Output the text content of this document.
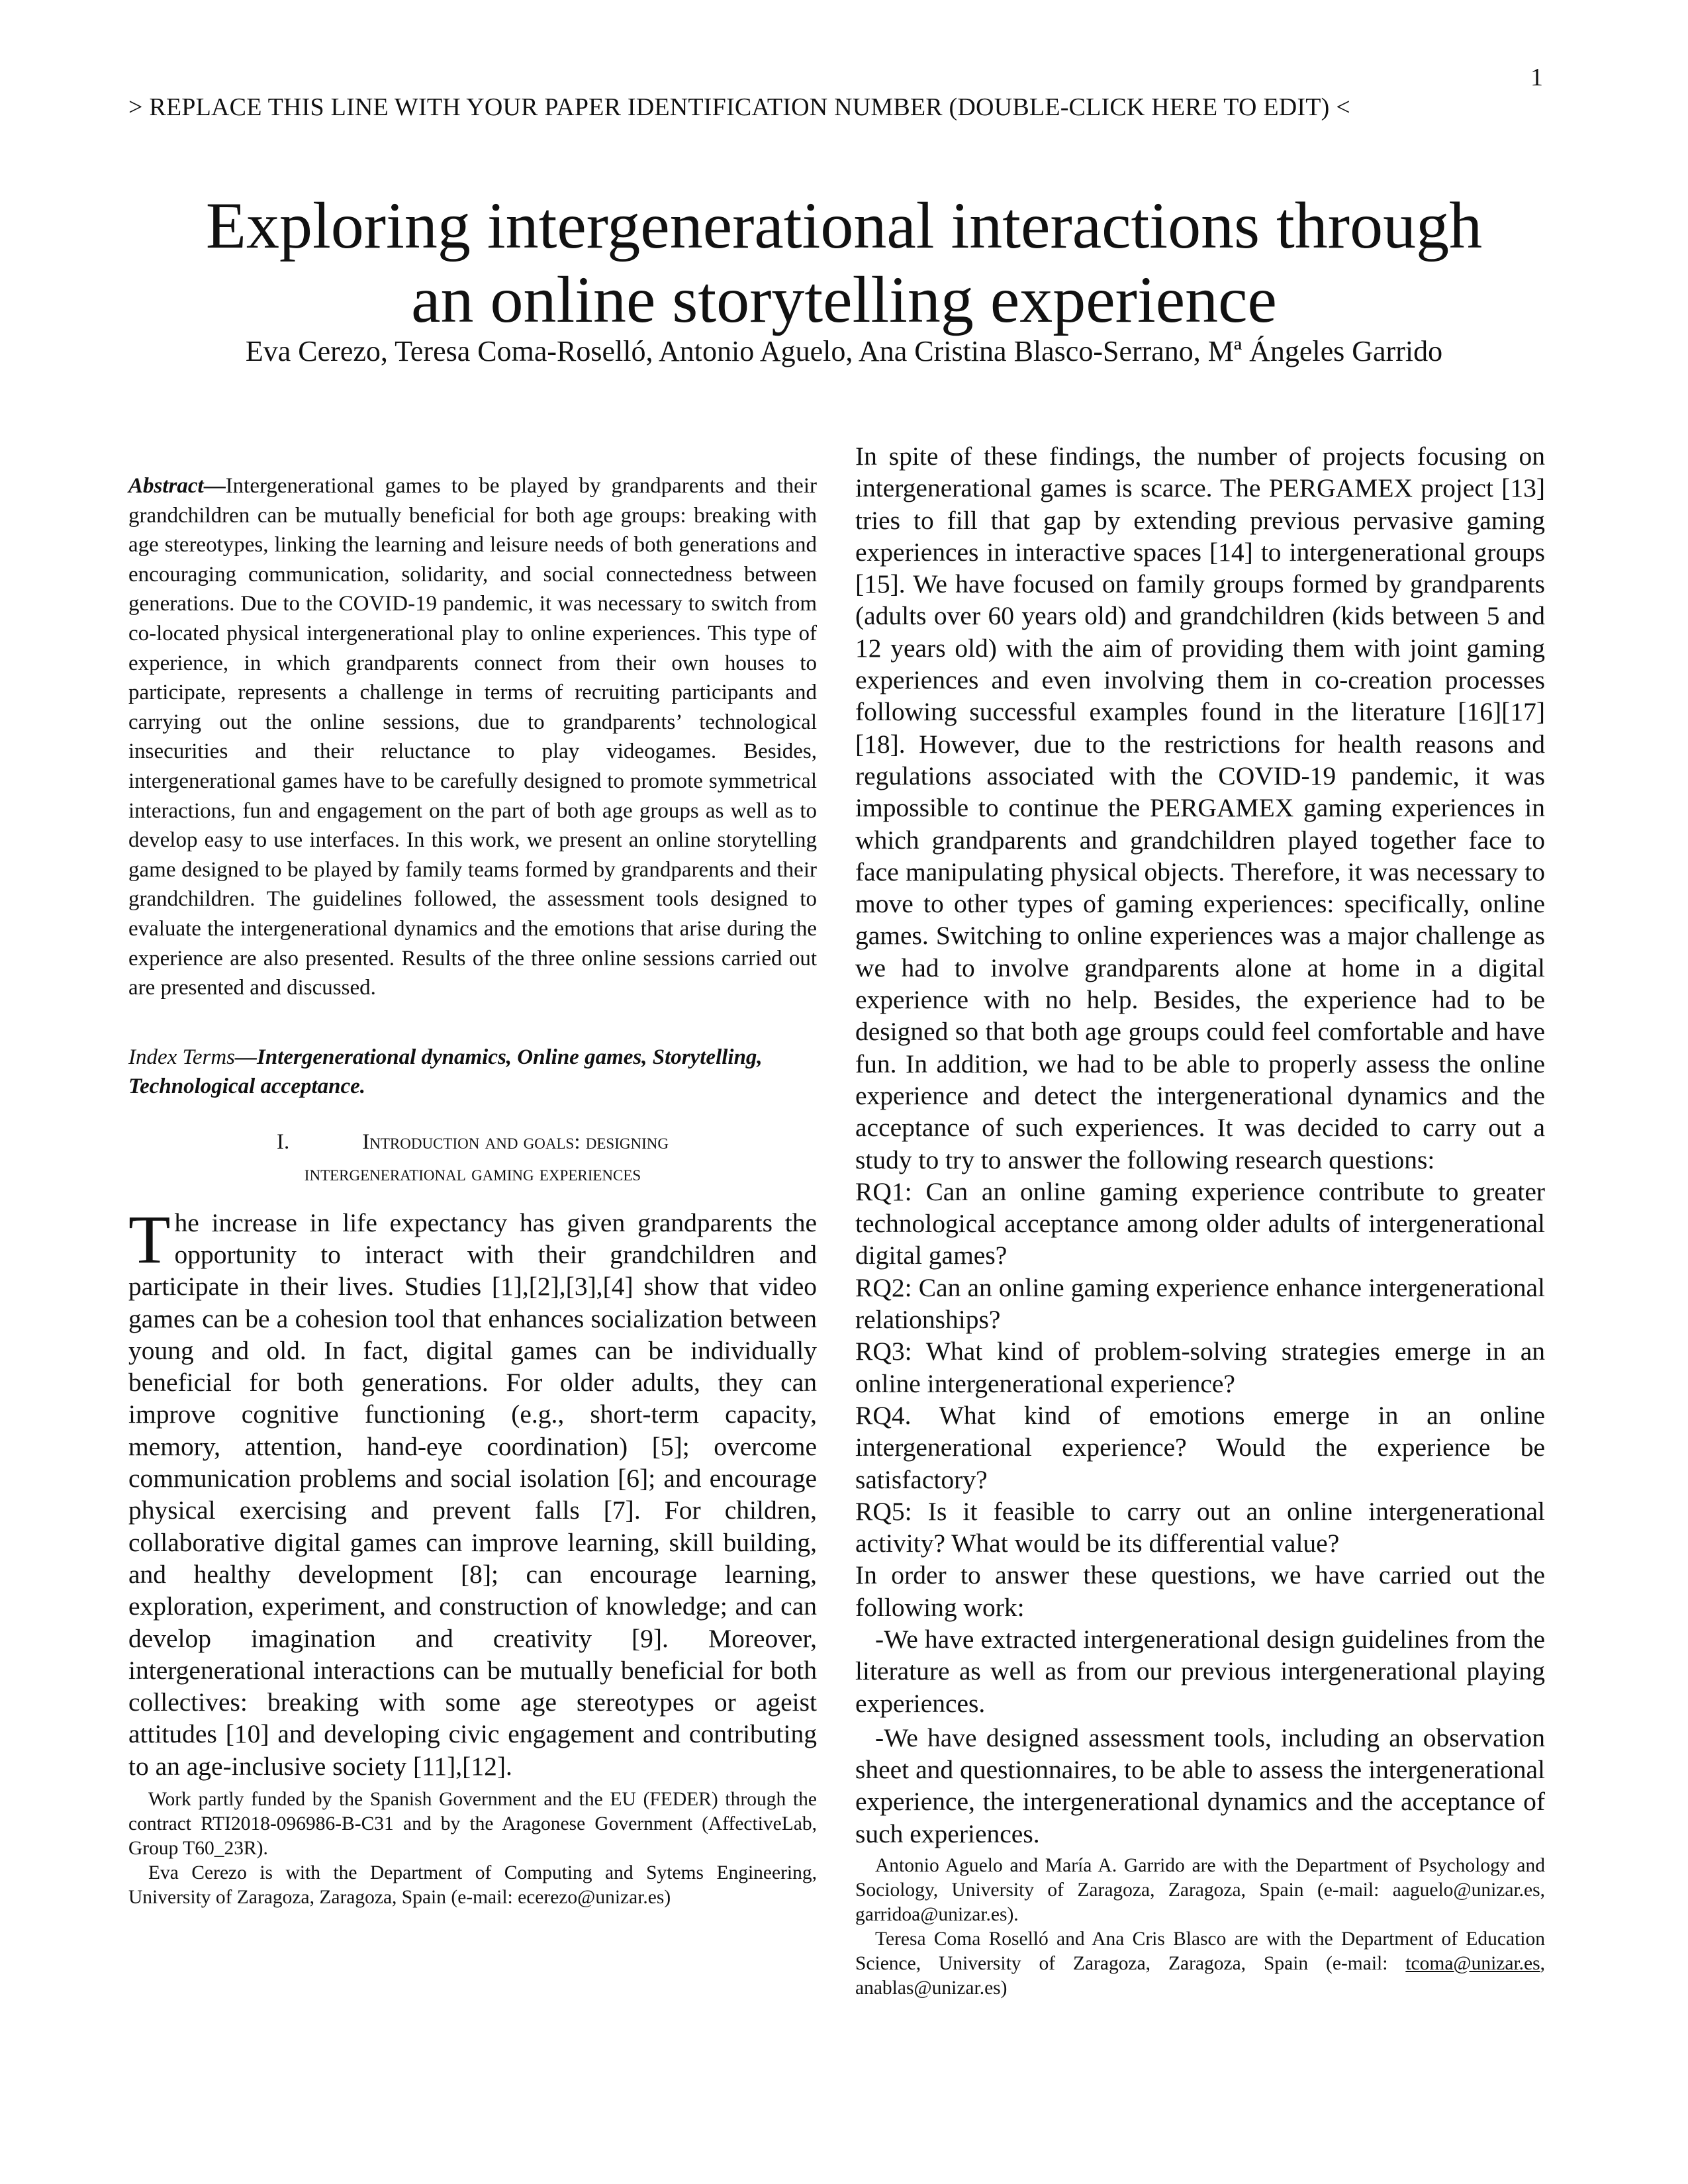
1
> REPLACE THIS LINE WITH YOUR PAPER IDENTIFICATION NUMBER (DOUBLE-CLICK HERE TO EDIT) <
Exploring intergenerational interactions through
an online storytelling experience
Eva Cerezo, Teresa Coma-Roselló, Antonio Aguelo, Ana Cristina Blasco-Serrano, Mª Ángeles Garrido

Abstract—Intergenerational games to be played by grandparents and their grandchildren can be mutually beneficial for both age groups: breaking with age stereotypes, linking the learning and leisure needs of both generations and encouraging communication, solidarity, and social connectedness between generations. Due to the COVID-19 pandemic, it was necessary to switch from co-located physical intergenerational play to online experiences. This type of experience, in which grandparents connect from their own houses to participate, represents a challenge in terms of recruiting participants and carrying out the online sessions, due to grandparents’ technological insecurities and their reluctance to play videogames. Besides, intergenerational games have to be carefully designed to promote symmetrical interactions, fun and engagement on the part of both age groups as well as to develop easy to use interfaces. In this work, we present an online storytelling game designed to be played by family teams formed by grandparents and their grandchildren. The guidelines followed, the assessment tools designed to evaluate the intergenerational dynamics and the emotions that arise during the experience are also presented. Results of the three online sessions carried out are presented and discussed.

Index Terms—Intergenerational dynamics, Online games, Storytelling, Technological acceptance.

I.	Introduction and goals: designing
intergenerational gaming experiences

The increase in life expectancy has given grandparents the opportunity to interact with their grandchildren and participate in their lives. Studies [1],[2],[3],[4] show that video games can be a cohesion tool that enhances socialization between young and old. In fact, digital games can be individually beneficial for both generations. For older adults, they can improve cognitive functioning (e.g., short-term capacity, memory, attention, hand-eye coordination) [5]; overcome communication problems and social isolation [6]; and encourage physical exercising and prevent falls [7]. For children, collaborative digital games can improve learning, skill building, and healthy development [8]; can encourage learning, exploration, experiment, and construction of knowledge; and can develop imagination and creativity [9]. Moreover, intergenerational interactions can be mutually beneficial for both collectives: breaking with some age stereotypes or ageist attitudes [10] and developing civic engagement and contributing to an age-inclusive society [11],[12].

Work partly funded by the Spanish Government and the EU (FEDER) through the contract RTI2018-096986-B-C31 and by the Aragonese Government (AffectiveLab, Group T60_23R).

Eva Cerezo is with the Department of Computing and Sytems Engineering, University of Zaragoza, Zaragoza, Spain (e-mail: ecerezo@unizar.es)

In spite of these findings, the number of projects focusing on intergenerational games is scarce. The PERGAMEX project [13] tries to fill that gap by extending previous pervasive gaming experiences in interactive spaces [14] to intergenerational groups [15]. We have focused on family groups formed by grandparents (adults over 60 years old) and grandchildren (kids between 5 and 12 years old) with the aim of providing them with joint gaming experiences and even involving them in co-creation processes following successful examples found in the literature [16][17][18]. However, due to the restrictions for health reasons and regulations associated with the COVID-19 pandemic, it was impossible to continue the PERGAMEX gaming experiences in which grandparents and grandchildren played together face to face manipulating physical objects. Therefore, it was necessary to move to other types of gaming experiences: specifically, online games. Switching to online experiences was a major challenge as we had to involve grandparents alone at home in a digital experience with no help. Besides, the experience had to be designed so that both age groups could feel comfortable and have fun. In addition, we had to be able to properly assess the online experience and detect the intergenerational dynamics and the acceptance of such experiences. It was decided to carry out a study to try to answer the following research questions:

RQ1: Can an online gaming experience contribute to greater technological acceptance among older adults of intergenerational digital games?

RQ2: Can an online gaming experience enhance intergenerational relationships?

RQ3: What kind of problem-solving strategies emerge in an online intergenerational experience?

RQ4. What kind of emotions emerge in an online intergenerational experience? Would the experience be satisfactory?

RQ5: Is it feasible to carry out an online intergenerational activity? What would be its differential value?

In order to answer these questions, we have carried out the following work:

-We have extracted intergenerational design guidelines from the literature as well as from our previous intergenerational playing experiences.

-We have designed assessment tools, including an observation sheet and questionnaires, to be able to assess the intergenerational experience, the intergenerational dynamics and the acceptance of such experiences.

Antonio Aguelo and María A. Garrido are with the Department of Psychology and Sociology, University of Zaragoza, Zaragoza, Spain (e-mail: aaguelo@unizar.es, garridoa@unizar.es).

Teresa Coma Roselló and Ana Cris Blasco are with the Department of Education Science, University of Zaragoza, Zaragoza, Spain (e-mail: tcoma@unizar.es, anablas@unizar.es)
